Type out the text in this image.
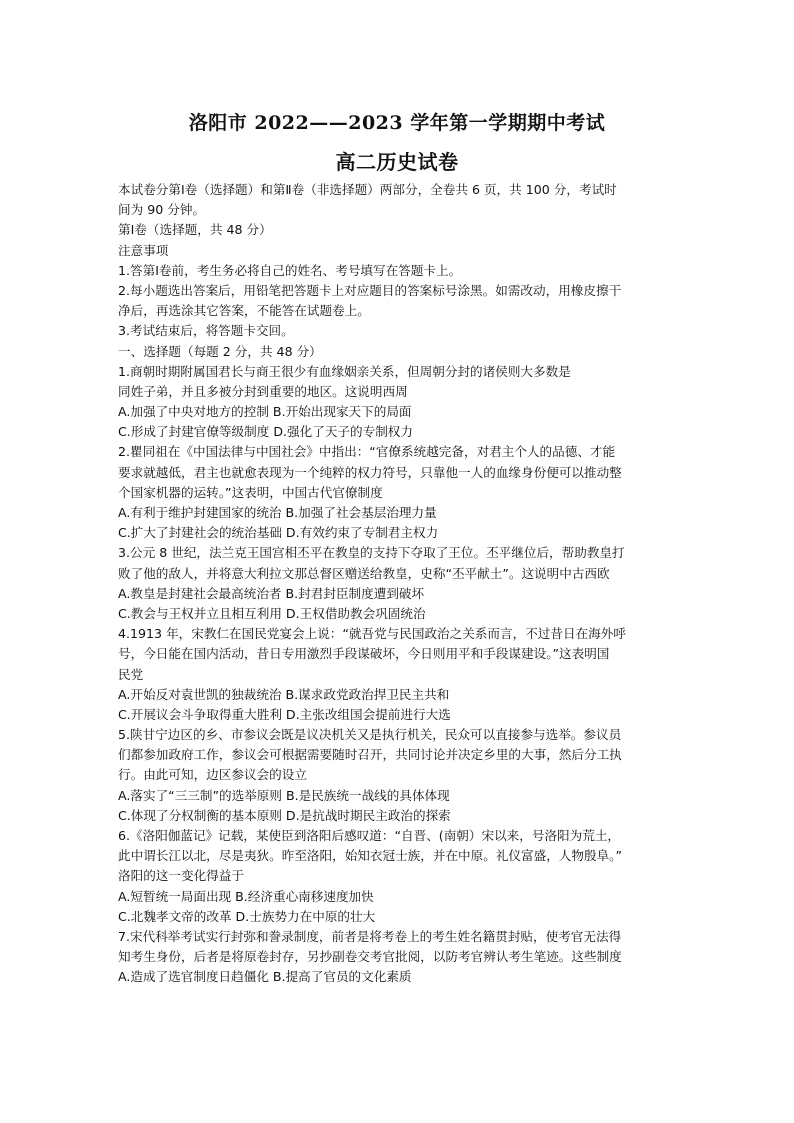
洛阳市 2022——2023 学年第一学期期中考试
高二历史试卷
本试卷分第Ⅰ卷（选择题）和第Ⅱ卷（非选择题）两部分，全卷共 6 页，共 100 分，考试时
间为 90 分钟。
第Ⅰ卷（选择题，共 48 分）
注意事项
1.答第Ⅰ卷前，考生务必将自己的姓名、考号填写在答题卡上。
2.每小题选出答案后，用铅笔把答题卡上对应题目的答案标号涂黑。如需改动，用橡皮擦干
净后，再选涂其它答案，不能答在试题卷上。
3.考试结束后，将答题卡交回。
一、选择题（每题 2 分，共 48 分）
1.商朝时期附属国君长与商王很少有血缘姻亲关系，但周朝分封的诸侯则大多数是
同姓子弟，并且多被分封到重要的地区。这说明西周
A.加强了中央对地方的控制 B.开始出现家天下的局面
C.形成了封建官僚等级制度 D.强化了天子的专制权力
2.瞿同祖在《中国法律与中国社会》中指出：“官僚系统越完备，对君主个人的品德、才能
要求就越低，君主也就愈表现为一个纯粹的权力符号，只靠他一人的血缘身份便可以推动整
个国家机器的运转。”这表明，中国古代官僚制度
A.有利于维护封建国家的统治 B.加强了社会基层治理力量
C.扩大了封建社会的统治基础 D.有效约束了专制君主权力
3.公元 8 世纪，法兰克王国宫相丕平在教皇的支持下夺取了王位。丕平继位后，帮助教皇打
败了他的敌人，并将意大利拉文那总督区赠送给教皇，史称“丕平献土”。这说明中古西欧
A.教皇是封建社会最高统治者 B.封君封臣制度遭到破坏
C.教会与王权并立且相互利用 D.王权借助教会巩固统治
4.1913 年，宋教仁在国民党宴会上说：“就吾党与民国政治之关系而言，不过昔日在海外呼
号，今日能在国内活动，昔日专用激烈手段谋破坏，今日则用平和手段谋建设。”这表明国
民党
A.开始反对袁世凯的独裁统治 B.谋求政党政治捍卫民主共和
C.开展议会斗争取得重大胜利 D.主张改组国会提前进行大选
5.陕甘宁边区的乡、市参议会既是议决机关又是执行机关，民众可以直接参与选举。参议员
们都参加政府工作，参议会可根据需要随时召开，共同讨论并决定乡里的大事，然后分工执
行。由此可知，边区参议会的设立
A.落实了“三三制”的选举原则 B.是民族统一战线的具体体现
C.体现了分权制衡的基本原则 D.是抗战时期民主政治的探索
6.《洛阳伽蓝记》记载，某使臣到洛阳后感叹道：“自晋、(南朝）宋以来，号洛阳为荒土，
此中谓长江以北，尽是夷狄。昨至洛阳，始知衣冠士族，并在中原。礼仪富盛，人物殷阜。”
洛阳的这一变化得益于
A.短暂统一局面出现 B.经济重心南移速度加快
C.北魏孝文帝的改革 D.士族势力在中原的壮大
7.宋代科举考试实行封弥和誊录制度，前者是将考卷上的考生姓名籍贯封贴，使考官无法得
知考生身份，后者是将原卷封存，另抄副卷交考官批阅，以防考官辨认考生笔迹。这些制度
A.造成了选官制度日趋僵化 B.提高了官员的文化素质
